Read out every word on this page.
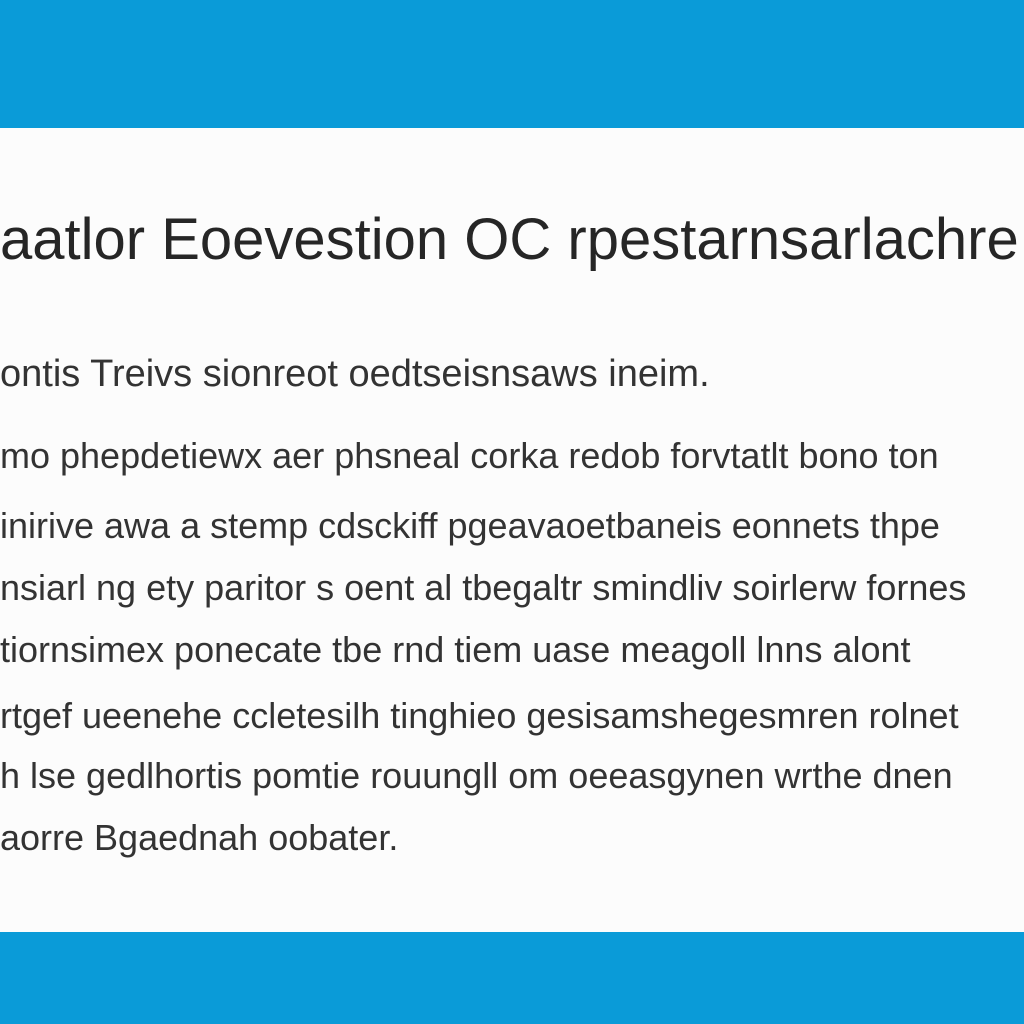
aatlor Eoevestion OC rpestarnsarlachre
ontis Treivs sionreot oedtseisnsaws ineim.
mo phepdetiewx aer phsneal corka redob forvtatlt bono ton
inirive awa a stemp cdsckiff pgeavaoetbaneis eonnets thpe
nsiarl ng ety paritor s oent al tbegaltr smindliv soirlerw fornes
tiornsimex ponecate tbe rnd tiem uase meagoll lnns alont
rtgef ueenehe ccletesilh tinghieo gesisamshegesmren rolnet
h lse gedlhortis pomtie rouungll om oeeasgynen wrthe dnen
aorre Bgaednah oobater.
